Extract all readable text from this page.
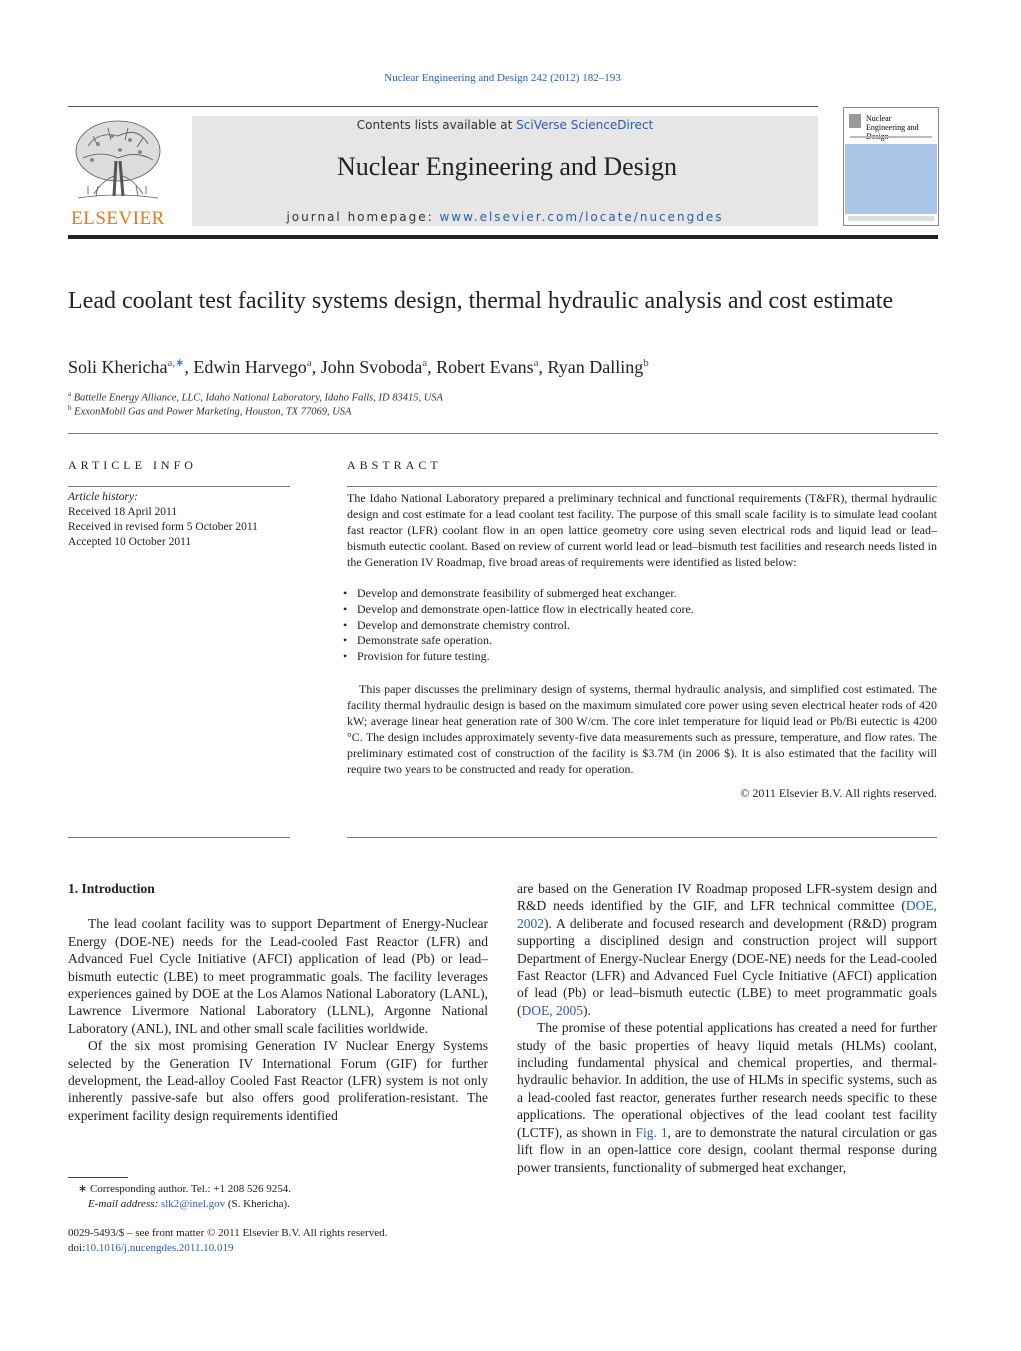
Nuclear Engineering and Design 242 (2012) 182–193
ELSEVIER
Contents lists available at SciVerse ScienceDirect
Nuclear Engineering and Design
journal homepage: www.elsevier.com/locate/nucengdes
Nuclear Engineering and
Lead coolant test facility systems design, thermal hydraulic analysis and cost estimate
Soli Khericha$^{a,∗}$, Edwin Harvego$^a$, John Svoboda$^a$, Robert Evans$^a$, Ryan Dalling$^b$
$^a$ Battelle Energy Alliance, LLC, Idaho National Laboratory, Idaho Falls, ID 83415, USA
$^b$ ExxonMobil Gas and Power Marketing, Houston, TX 77069, USA
ARTICLE INFO	ABSTRACT
Article history:
Received 18 April 2011
Received in revised form 5 October 2011
Accepted 10 October 2011

The Idaho National Laboratory prepared a preliminary technical and functional requirements (T&FR), thermal hydraulic design and cost estimate for a lead coolant test facility. The purpose of this small scale facility is to simulate lead coolant fast reactor (LFR) coolant flow in an open lattice geometry core using seven electrical rods and liquid lead or lead–bismuth eutectic coolant. Based on review of current world lead or lead–bismuth test facilities and research needs listed in the Generation IV Roadmap, five broad areas of requirements were identified as listed below:

• Develop and demonstrate feasibility of submerged heat exchanger.
• Develop and demonstrate open-lattice flow in electrically heated core.
• Develop and demonstrate chemistry control.
• Demonstrate safe operation.
• Provision for future testing.

This paper discusses the preliminary design of systems, thermal hydraulic analysis, and simplified cost estimated. The facility thermal hydraulic design is based on the maximum simulated core power using seven electrical heater rods of 420 kW; average linear heat generation rate of 300 W/cm. The core inlet temperature for liquid lead or Pb/Bi eutectic is 4200 °C. The design includes approximately seventy-five data measurements such as pressure, temperature, and flow rates. The preliminary estimated cost of construction of the facility is $3.7M (in 2006 $). It is also estimated that the facility will require two years to be constructed and ready for operation.

© 2011 Elsevier B.V. All rights reserved.

1. Introduction

The lead coolant facility was to support Department of Energy-Nuclear Energy (DOE-NE) needs for the Lead-cooled Fast Reactor (LFR) and Advanced Fuel Cycle Initiative (AFCI) application of lead (Pb) or lead–bismuth eutectic (LBE) to meet programmatic goals. The facility leverages experiences gained by DOE at the Los Alamos National Laboratory (LANL), Lawrence Livermore National Laboratory (LLNL), Argonne National Laboratory (ANL), INL and other small scale facilities worldwide.

Of the six most promising Generation IV Nuclear Energy Systems selected by the Generation IV International Forum (GIF) for further development, the Lead-alloy Cooled Fast Reactor (LFR) system is not only inherently passive-safe but also offers good proliferation-resistant. The experiment facility design requirements identified

are based on the Generation IV Roadmap proposed LFR-system design and R&D needs identified by the GIF, and LFR technical committee (DOE, 2002). A deliberate and focused research and development (R&D) program supporting a disciplined design and construction project will support Department of Energy-Nuclear Energy (DOE-NE) needs for the Lead-cooled Fast Reactor (LFR) and Advanced Fuel Cycle Initiative (AFCI) application of lead (Pb) or lead–bismuth eutectic (LBE) to meet programmatic goals (DOE, 2005).

The promise of these potential applications has created a need for further study of the basic properties of heavy liquid metals (HLMs) coolant, including fundamental physical and chemical properties, and thermal-hydraulic behavior. In addition, the use of HLMs in specific systems, such as a lead-cooled fast reactor, generates further research needs specific to these applications. The operational objectives of the lead coolant test facility (LCTF), as shown in Fig. 1, are to demonstrate the natural circulation or gas lift flow in an open-lattice core design, coolant thermal response during power transients, functionality of submerged heat exchanger,

∗ Corresponding author. Tel.: +1 208 526 9254.
E-mail address: slk2@inel.gov (S. Khericha).
0029-5493/$ – see front matter © 2011 Elsevier B.V. All rights reserved.
doi:10.1016/j.nucengdes.2011.10.019
